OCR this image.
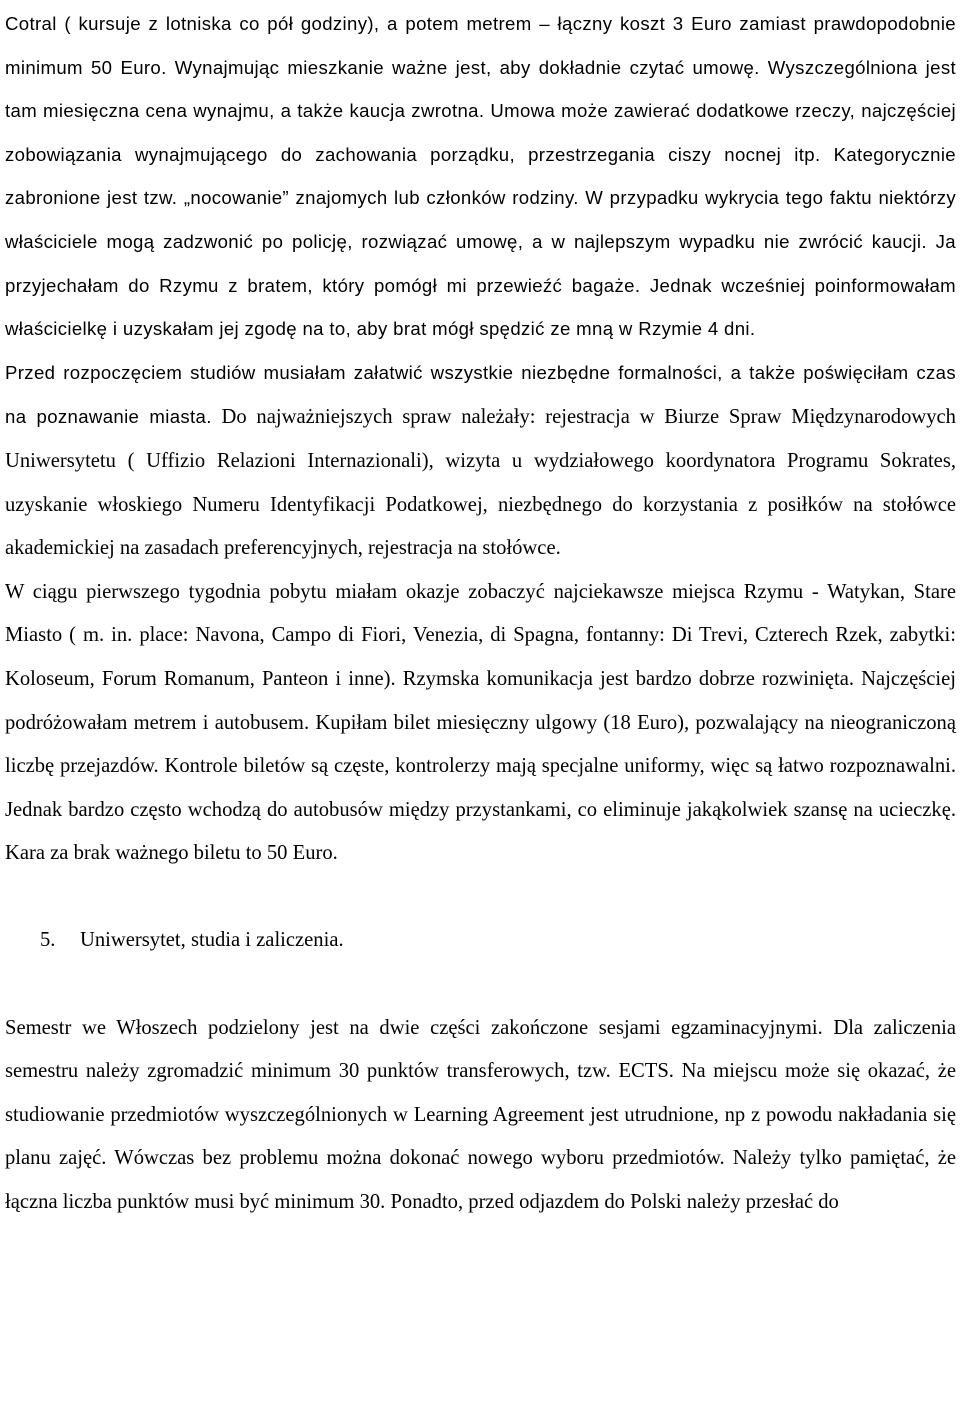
Cotral ( kursuje z lotniska co pół godziny), a potem metrem – łączny koszt 3 Euro zamiast prawdopodobnie minimum 50 Euro. Wynajmując mieszkanie ważne jest, aby dokładnie czytać umowę. Wyszczególniona jest tam miesięczna cena wynajmu, a także kaucja zwrotna. Umowa może zawierać dodatkowe rzeczy, najczęściej zobowiązania wynajmującego do zachowania porządku, przestrzegania ciszy nocnej itp. Kategorycznie zabronione jest tzw. „nocowanie” znajomych lub członków rodziny. W przypadku wykrycia tego faktu niektórzy właściciele mogą zadzwonić po policję, rozwiązać umowę, a w najlepszym wypadku nie zwrócić kaucji. Ja przyjechałam do Rzymu z bratem, który pomógł mi przewieźć bagaże. Jednak wcześniej poinformowałam właścicielkę i uzyskałam jej zgodę na to, aby brat mógł spędzić ze mną w Rzymie 4 dni.

Przed rozpoczęciem studiów musiałam załatwić wszystkie niezbędne formalności, a także poświęciłam czas na poznawanie miasta. Do najważniejszych spraw należały: rejestracja w Biurze Spraw Międzynarodowych Uniwersytetu ( Uffizio Relazioni Internazionali), wizyta u wydziałowego koordynatora Programu Sokrates, uzyskanie włoskiego Numeru Identyfikacji Podatkowej, niezbędnego do korzystania z posiłków na stołówce akademickiej na zasadach preferencyjnych, rejestracja na stołówce.

W ciągu pierwszego tygodnia pobytu miałam okazje zobaczyć najciekawsze miejsca Rzymu - Watykan, Stare Miasto ( m. in. place: Navona, Campo di Fiori, Venezia, di Spagna, fontanny: Di Trevi, Czterech Rzek, zabytki: Koloseum, Forum Romanum, Panteon i inne). Rzymska komunikacja jest bardzo dobrze rozwinięta. Najczęściej podróżowałam metrem i autobusem. Kupiłam bilet miesięczny ulgowy (18 Euro), pozwalający na nieograniczoną liczbę przejazdów. Kontrole biletów są częste, kontrolerzy mają specjalne uniformy, więc są łatwo rozpoznawalni. Jednak bardzo często wchodzą do autobusów między przystankami, co eliminuje jakąkolwiek szansę na ucieczkę. Kara za brak ważnego biletu to 50 Euro.

5. Uniwersytet, studia i zaliczenia.

Semestr we Włoszech podzielony jest na dwie części zakończone sesjami egzaminacyjnymi. Dla zaliczenia semestru należy zgromadzić minimum 30 punktów transferowych, tzw. ECTS. Na miejscu może się okazać, że studiowanie przedmiotów wyszczególnionych w Learning Agreement jest utrudnione, np z powodu nakładania się planu zajęć. Wówczas bez problemu można dokonać nowego wyboru przedmiotów. Należy tylko pamiętać, że łączna liczba punktów musi być minimum 30. Ponadto, przed odjazdem do Polski należy przesłać do
